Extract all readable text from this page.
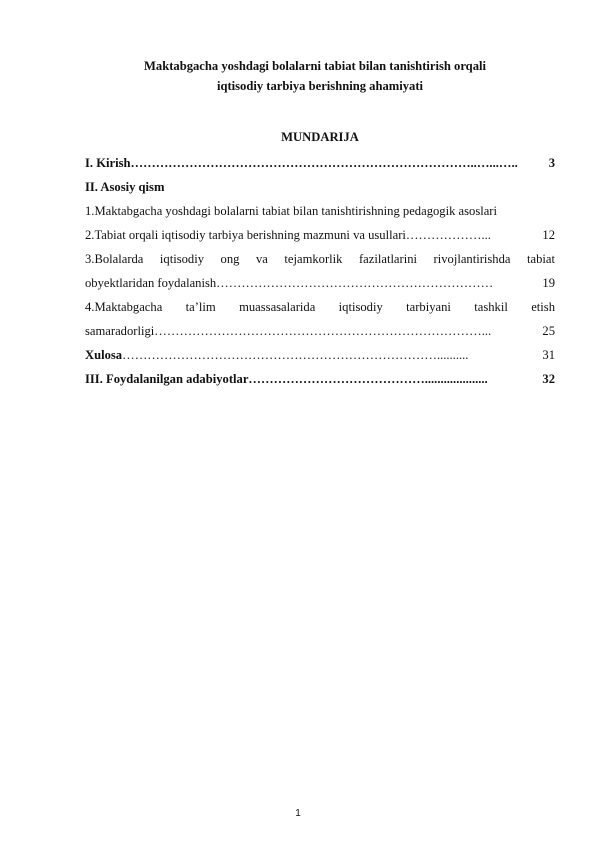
Maktabgacha yoshdagi bolalarni tabiat bilan tanishtirish orqali

iqtisodiy tarbiya berishning ahamiyati

MUNDARIJA
I. Kirish ………………………………………………………………………..…...…..	3
II. Asosiy qism
1.Maktabgacha yoshdagi bolalarni tabiat bilan tanishtirishning pedagogik asoslari
2.Tabiat orqali iqtisodiy tarbiya berishning mazmuni va usullari ………………...	12
3.Bolalarda iqtisodiy ong va tejamkorlik fazilatlarini rivojlantirishda tabiat
obyektlaridan foydalanish …………………………………………………………	19
4.Maktabgacha ta’lim muassasalarida iqtisodiy tarbiyani tashkil etish
samaradorligi ……………………………………………………………………...	25
Xulosa …………………………………………………………………..........	31
III. Foydalanilgan adabiyotlar ……………………………………....................	32
1
